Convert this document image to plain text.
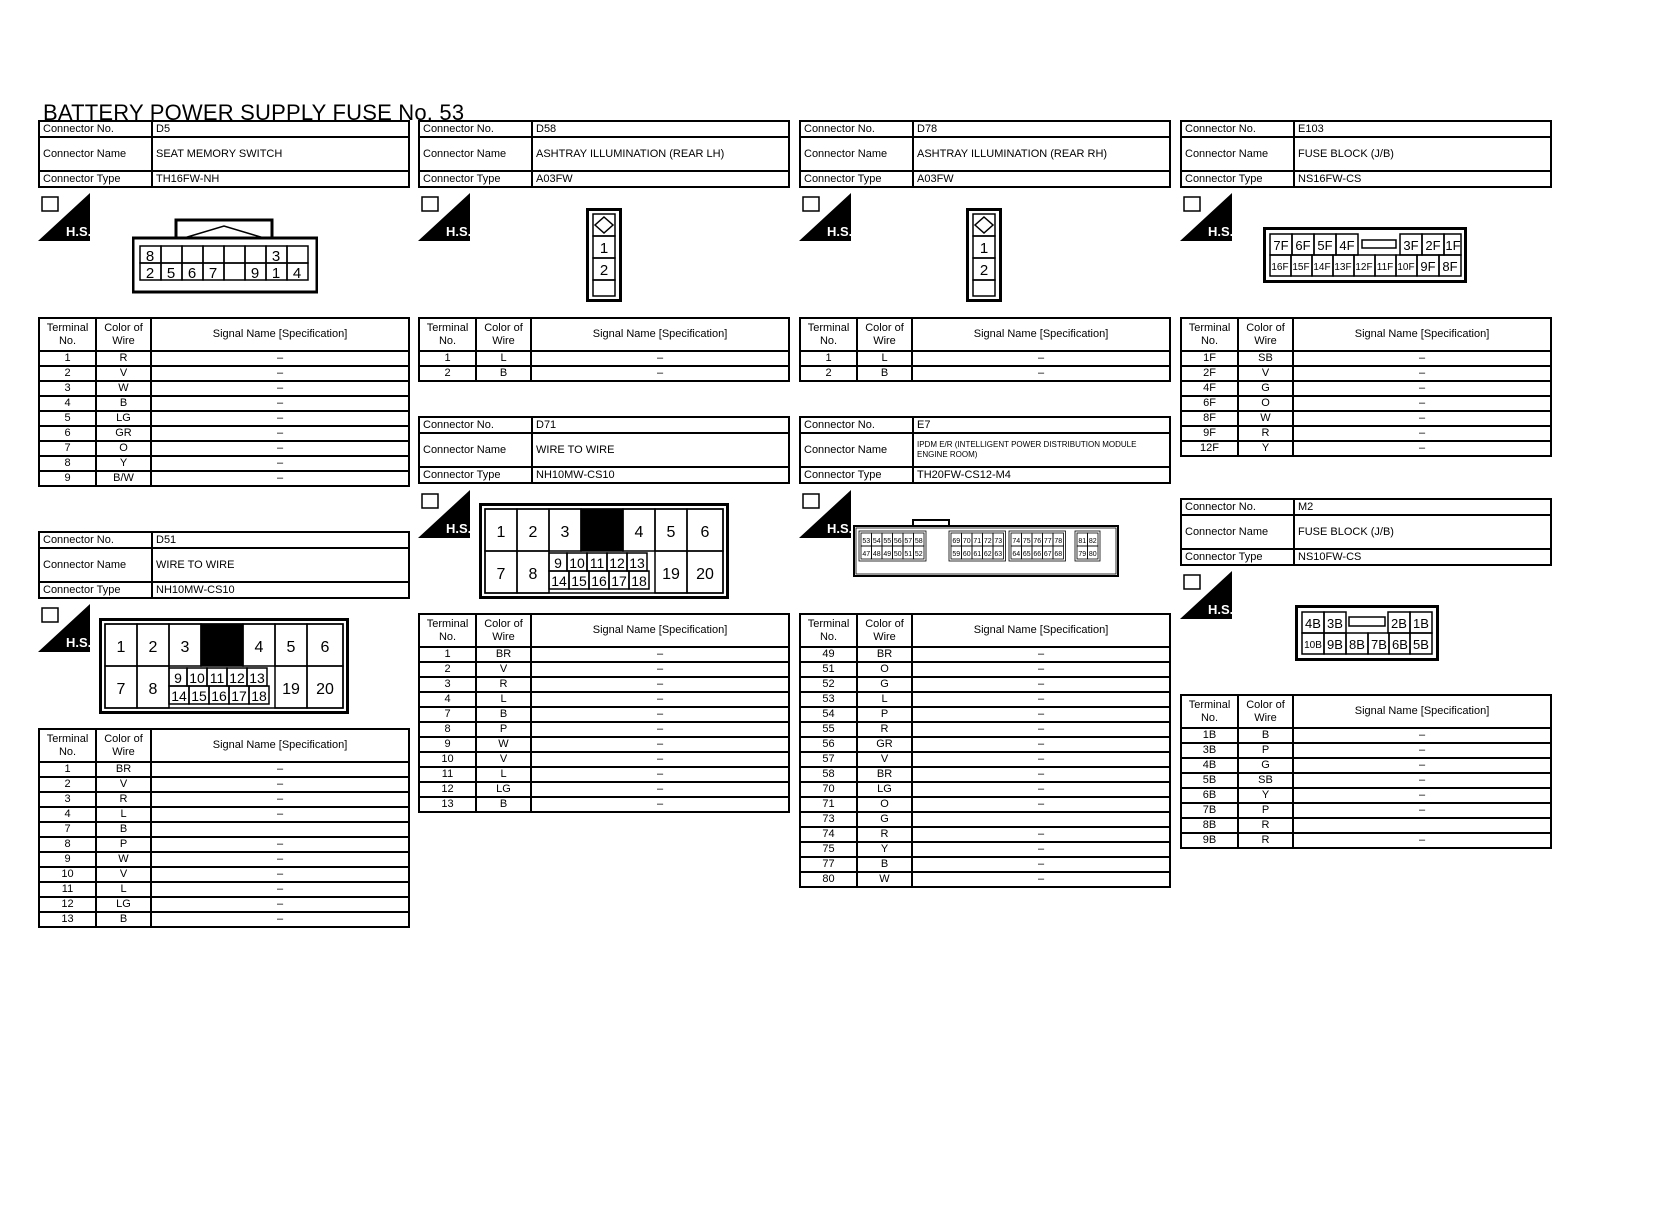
BATTERY POWER SUPPLY FUSE No. 53
Connector No.	D5
Connector Name	SEAT MEMORY SWITCH
Connector Type	TH16FW-NH
H.S.
8	3
2 5 6 7 9 1 4
Terminal No.	Color of Wire	Signal Name [Specification]
1	R	–
2	V	–
3	W	–
4	B	–
5	LG	–
6	GR	–
7	O	–
8	Y	–
9	B/W	–
Connector No.	D51
Connector Name	WIRE TO WIRE
Connector Type	NH10MW-CS10
H.S. 1 2 3	4 5 6
7 8
9 10 11 12 13
14 15 16 17 18 19 20
Terminal No.	Color of Wire	Signal Name [Specification]
1	BR	–
2	V	–
3	R	–
4	L	–
7	B	
8	P	–
9	W	–
10	V	–
11	L	–
12	LG	–
13	B	–
Connector No.	D58
Connector Name	ASHTRAY ILLUMINATION (REAR LH)
Connector Type	A03FW
H.S.
1
2
Terminal No.	Color of Wire	Signal Name [Specification]
1	L	–
2	B	–
Connector No.	D71
Connector Name	WIRE TO WIRE
Connector Type	NH10MW-CS10
H.S. 1 2 3	4 5 6
7 8
9 10 11 12 13
14 15 16 17 18 19 20
Terminal No.	Color of Wire	Signal Name [Specification]
1	BR	–
2	V	–
3	R	–
4	L	–
7	B	–
8	P	–
9	W	–
10	V	–
11	L	–
12	LG	–
13	B	–
Connector No.	D78
Connector Name	ASHTRAY ILLUMINATION (REAR RH)
Connector Type	A03FW
H.S.
1
2
Terminal No.	Color of Wire	Signal Name [Specification]
1	L	–
2	B	–
Connector No.	E7
Connector Name	IPDM E/R (INTELLIGENT POWER DISTRIBUTION MODULE ENGINE ROOM)
Connector Type	TH20FW-CS12-M4
H.S.
53
47
54
48
55
49
56
50
57
51
58
52
69
59
70
60
71
61
72
62
73
63
74
64
75
65
76
66
77
67
78
68
81
79
82
80
Terminal No.	Color of Wire	Signal Name [Specification]
49	BR	–
51	O	–
52	G	–
53	L	–
54	P	–
55	R	–
56	GR	–
57	V	–
58	BR	–
70	LG	–
71	O	–
73	G	
74	R	–
75	Y	–
77	B	–
80	W	–
Connector No.	E103
Connector Name	FUSE BLOCK (J/B)
Connector Type	NS16FW-CS
H.S.
7F 6F 5F 4F	3F 2F 1F
16F 15F 14F 13F 12F 11F 10F 9F 8F
Terminal No.	Color of Wire	Signal Name [Specification]
1F	SB	–
2F	V	–
4F	G	–
6F	O	–
8F	W	–
9F	R	–
12F	Y	–
Connector No.	M2
Connector Name	FUSE BLOCK (J/B)
Connector Type	NS10FW-CS
H.S.
4B 3B	2B 1B
10B 9B 8B 7B 6B 5B
Terminal No.	Color of Wire	Signal Name [Specification]
1B	B	–
3B	P	–
4B	G	–
5B	SB	–
6B	Y	–
7B	P	–
8B	R	
9B	R	–
